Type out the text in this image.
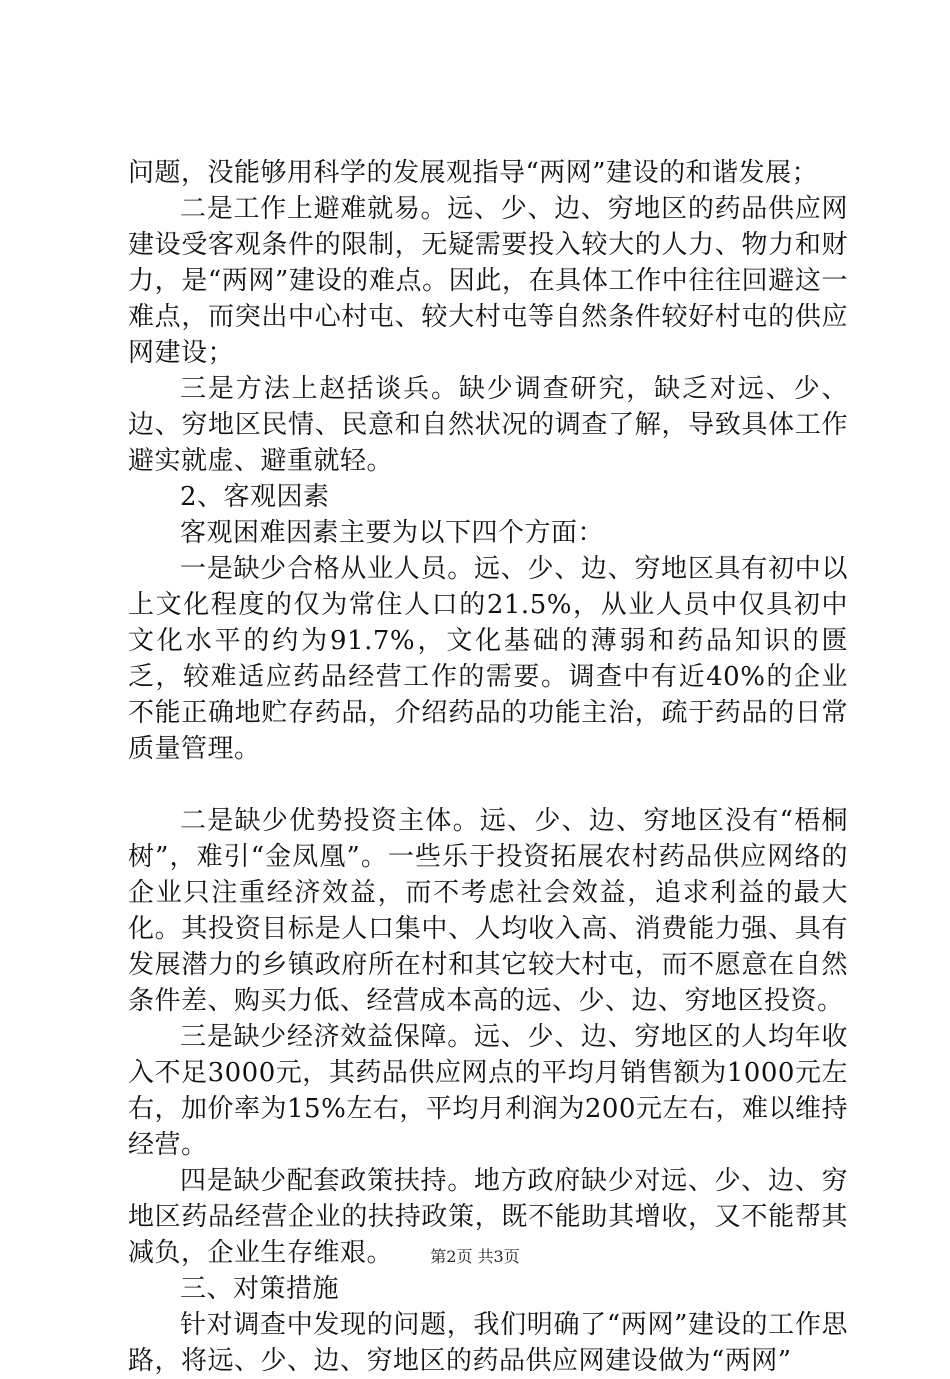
问题，没能够用科学的发展观指导“两网”建设的和谐发展；

二是工作上避难就易。远、少、边、穷地区的药品供应网建设受客观条件的限制，无疑需要投入较大的人力、物力和财力，是“两网”建设的难点。因此，在具体工作中往往回避这一难点，而突出中心村屯、较大村屯等自然条件较好村屯的供应网建设；

三是方法上赵括谈兵。缺少调查研究，缺乏对远、少、边、穷地区民情、民意和自然状况的调查了解，导致具体工作避实就虚、避重就轻。

2、客观因素

客观困难因素主要为以下四个方面：

一是缺少合格从业人员。远、少、边、穷地区具有初中以上文化程度的仅为常住人口的21.5%，从业人员中仅具初中文化水平的约为91.7%，文化基础的薄弱和药品知识的匮乏，较难适应药品经营工作的需要。调查中有近40%的企业不能正确地贮存药品，介绍药品的功能主治，疏于药品的日常质量管理。

二是缺少优势投资主体。远、少、边、穷地区没有“梧桐树”，难引“金凤凰”。一些乐于投资拓展农村药品供应网络的企业只注重经济效益，而不考虑社会效益，追求利益的最大化。其投资目标是人口集中、人均收入高、消费能力强、具有发展潜力的乡镇政府所在村和其它较大村屯，而不愿意在自然条件差、购买力低、经营成本高的远、少、边、穷地区投资。

三是缺少经济效益保障。远、少、边、穷地区的人均年收入不足3000元，其药品供应网点的平均月销售额为1000元左右，加价率为15%左右，平均月利润为200元左右，难以维持经营。

四是缺少配套政策扶持。地方政府缺少对远、少、边、穷地区药品经营企业的扶持政策，既不能助其增收，又不能帮其减负，企业生存维艰。

三、对策措施

针对调查中发现的问题，我们明确了“两网”建设的工作思路，将远、少、边、穷地区的药品供应网建设做为“两网”

第2页 共3页
